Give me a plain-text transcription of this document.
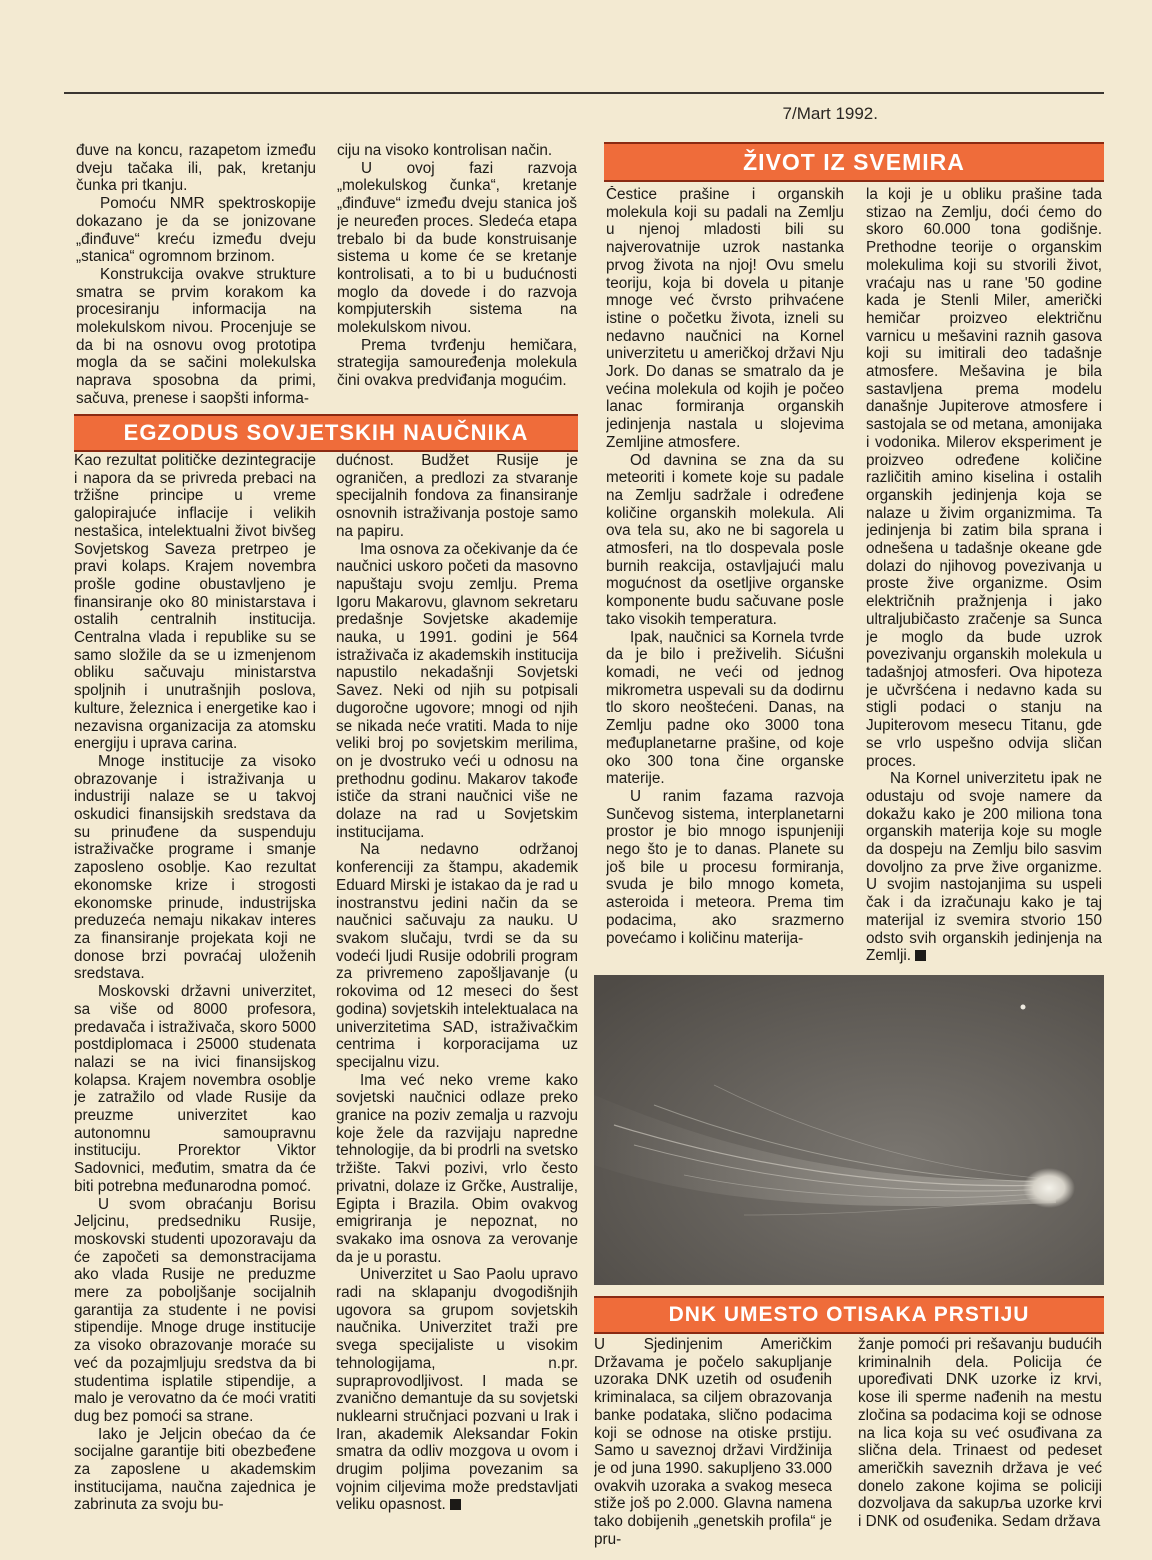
7/Mart 1992.

đuve na koncu, razapetom između dveju tačaka ili, pak, kretanju čunka pri tkanju.

Pomoću NMR spektroskopije dokazano je da se jonizovane „đinđuve“ kreću između dveju „stanica“ ogromnom brzinom.

Konstrukcija ovakve strukture smatra se prvim korakom ka procesiranju informacija na molekulskom nivou. Procenjuje se da bi na osnovu ovog prototipa mogla da se sačini molekulska naprava sposobna da primi, sačuva, prenese i saopšti informa-

ciju na visoko kontrolisan način.

U ovoj fazi razvoja „molekulskog čunka“, kretanje „đinđuve“ između dveju stanica još je neuređen proces. Sledeća etapa trebalo bi da bude konstruisanje sistema u kome će se kretanje kontrolisati, a to bi u budućnosti moglo da dovede i do razvoja kompjuterskih sistema na molekulskom nivou.

Prema tvrđenju hemičara, strategija samouređenja molekula čini ovakva predviđanja mogućim.

EGZODUS SOVJETSKIH NAUČNIKA

Kao rezultat političke dezintegracije i napora da se privreda prebaci na tržišne principe u vreme galopirajuće inflacije i velikih nestašica, intelektualni život bivšeg Sovjetskog Saveza pretrpeo je pravi kolaps. Krajem novembra prošle godine obustavljeno je finansiranje oko 80 ministarstava i ostalih centralnih institucija. Centralna vlada i republike su se samo složile da se u izmenjenom obliku sačuvaju ministarstva spoljnih i unutrašnjih poslova, kulture, železnica i energetike kao i nezavisna organizacija za atomsku energiju i uprava carina.

Mnoge institucije za visoko obrazovanje i istraživanja u industriji nalaze se u takvoj oskudici finansijskih sredstava da su prinuđene da suspenduju istraživačke programe i smanje zaposleno osoblje. Kao rezultat ekonomske krize i strogosti ekonomske prinude, industrijska preduzeća nemaju nikakav interes za finansiranje projekata koji ne donose brzi povraćaj uloženih sredstava.

Moskovski državni univerzitet, sa više od 8000 profesora, predavača i istraživača, skoro 5000 postdiplomaca i 25000 studenata nalazi se na ivici finansijskog kolapsa. Krajem novembra osoblje je zatražilo od vlade Rusije da preuzme univerzitet kao autonomnu samoupravnu instituciju. Prorektor Viktor Sadovnici, međutim, smatra da će biti potrebna međunarodna pomoć.

U svom obraćanju Borisu Jeljcinu, predsedniku Rusije, moskovski studenti upozoravaju da će započeti sa demonstracijama ako vlada Rusije ne preduzme mere za poboljšanje socijalnih garantija za studente i ne povisi stipendije. Mnoge druge institucije za visoko obrazovanje moraće su već da pozajmljuju sredstva da bi studentima isplatile stipendije, a malo je verovatno da će moći vratiti dug bez pomoći sa strane.

Iako je Jeljcin obećao da će socijalne garantije biti obezbeđene za zaposlene u akademskim institucijama, naučna zajednica je zabrinuta za svoju bu-

dućnost. Budžet Rusije je ograničen, a predlozi za stvaranje specijalnih fondova za finansiranje osnovnih istraživanja postoje samo na papiru.

Ima osnova za očekivanje da će naučnici uskoro početi da masovno napuštaju svoju zemlju. Prema Igoru Makarovu, glavnom sekretaru predašnje Sovjetske akademije nauka, u 1991. godini je 564 istraživača iz akademskih institucija napustilo nekadašnji Sovjetski Savez. Neki od njih su potpisali dugoročne ugovore; mnogi od njih se nikada neće vratiti. Mada to nije veliki broj po sovjetskim merilima, on je dvostruko veći u odnosu na prethodnu godinu. Makarov takođe ističe da strani naučnici više ne dolaze na rad u Sovjetskim institucijama.

Na nedavno održanoj konferenciji za štampu, akademik Eduard Mirski je istakao da je rad u inostranstvu jedini način da se naučnici sačuvaju za nauku. U svakom slučaju, tvrdi se da su vodeći ljudi Rusije odobrili program za privremeno zapošljavanje (u rokovima od 12 meseci do šest godina) sovjetskih intelektualaca na univerzitetima SAD, istraživačkim centrima i korporacijama uz specijalnu vizu.

Ima već neko vreme kako sovjetski naučnici odlaze preko granice na poziv zemalja u razvoju koje žele da razvijaju napredne tehnologije, da bi prodrli na svetsko tržište. Takvi pozivi, vrlo često privatni, dolaze iz Grčke, Australije, Egipta i Brazila. Obim ovakvog emigriranja je nepoznat, no svakako ima osnova za verovanje da je u porastu.

Univerzitet u Sao Paolu upravo radi na sklapanju dvogodišnjih ugovora sa grupom sovjetskih naučnika. Univerzitet traži pre svega specijaliste u visokim tehnologijama, n.pr. supraprovodljivost. I mada se zvanično demantuje da su sovjetski nuklearni stručnjaci pozvani u Irak i Iran, akademik Aleksandar Fokin smatra da odliv mozgova u ovom i drugim poljima povezanim sa vojnim ciljevima može predstavljati veliku opasnost.

ŽIVOT IZ SVEMIRA

Čestice prašine i organskih molekula koji su padali na Zemlju u njenoj mladosti bili su najverovatnije uzrok nastanka prvog života na njoj! Ovu smelu teoriju, koja bi dovela u pitanje mnoge već čvrsto prihvaćene istine o početku života, izneli su nedavno naučnici na Kornel univerzitetu u američkoj državi Nju Jork. Do danas se smatralo da je većina molekula od kojih je počeo lanac formiranja organskih jedinjenja nastala u slojevima Zemljine atmosfere.

Od davnina se zna da su meteoriti i komete koje su padale na Zemlju sadržale i određene količine organskih molekula. Ali ova tela su, ako ne bi sagorela u atmosferi, na tlo dospevala posle burnih reakcija, ostavljajući malu mogućnost da osetljive organske komponente budu sačuvane posle tako visokih temperatura.

Ipak, naučnici sa Kornela tvrde da je bilo i preživelih. Sićušni komadi, ne veći od jednog mikrometra uspevali su da dodirnu tlo skoro neoštećeni. Danas, na Zemlju padne oko 3000 tona međuplanetarne prašine, od koje oko 300 tona čine organske materije.

U ranim fazama razvoja Sunčevog sistema, interplanetarni prostor je bio mnogo ispunjeniji nego što je to danas. Planete su još bile u procesu formiranja, svuda je bilo mnogo kometa, asteroida i meteora. Prema tim podacima, ako srazmerno povećamo i količinu materija-

la koji je u obliku prašine tada stizao na Zemlju, doći ćemo do skoro 60.000 tona godišnje. Prethodne teorije o organskim molekulima koji su stvorili život, vraćaju nas u rane '50 godine kada je Stenli Miler, američki hemičar proizveo električnu varnicu u mešavini raznih gasova koji su imitirali deo tadašnje atmosfere. Mešavina je bila sastavljena prema modelu današnje Jupiterove atmosfere i sastojala se od metana, amonijaka i vodonika. Milerov eksperiment je proizveo određene količine različitih amino kiselina i ostalih organskih jedinjenja koja se nalaze u živim organizmima. Ta jedinjenja bi zatim bila sprana i odnešena u tadašnje okeane gde dolazi do njihovog povezivanja u proste žive organizme. Osim električnih pražnjenja i jako ultraljubičasto zračenje sa Sunca je moglo da bude uzrok povezivanju organskih molekula u tadašnjoj atmosferi. Ova hipoteza je učvršćena i nedavno kada su stigli podaci o stanju na Jupiterovom mesecu Titanu, gde se vrlo uspešno odvija sličan proces.

Na Kornel univerzitetu ipak ne odustaju od svoje namere da dokažu kako je 200 miliona tona organskih materija koje su mogle da dospeju na Zemlju bilo sasvim dovoljno za prve žive organizme. U svojim nastojanjima su uspeli čak i da izračunaju kako je taj materijal iz svemira stvorio 150 odsto svih organskih jedinjenja na Zemlji.

DNK UMESTO OTISAKA PRSTIJU

U Sjedinjenim Američkim Državama je počelo sakupljanje uzoraka DNK uzetih od osuđenih kriminalaca, sa ciljem obrazovanja banke podataka, slično podacima koji se odnose na otiske prstiju. Samo u saveznoj državi Virdžinija je od juna 1990. sakupljeno 33.000 ovakvih uzoraka a svakog meseca stiže još po 2.000. Glavna namena tako dobijenih „genetskih profila“ je pru-

žanje pomoći pri rešavanju budućih kriminalnih dela. Policija će upoređivati DNK uzorke iz krvi, kose ili sperme nađenih na mestu zločina sa podacima koji se odnose na lica koja su već osuđivana za slična dela. Trinaest od pedeset američkih saveznih država je već donelo zakone kojima se policiji dozvoljava da sakupља uzorke krvi i DNK od osuđenika. Sedam država
